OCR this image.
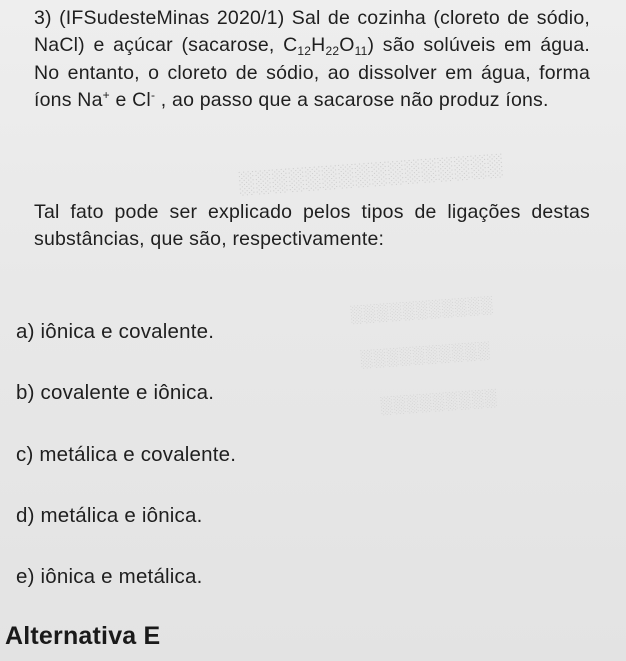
░░░░░░░░░░░░░░░░
░░░░░░░░░░░
░░░░░░░░░░
░░░░░░░░░
3) (IFSudesteMinas 2020/1) Sal de cozinha (cloreto de sódio, NaCl) e açúcar (sacarose, $C_{12}H_{22}O_{11}$) são solúveis em água. No entanto, o cloreto de sódio, ao dissolver em água, forma íons Na+ e Cl- , ao passo que a sacarose não produz íons.
Tal fato pode ser explicado pelos tipos de ligações destas substâncias, que são, respectivamente:
a) iônica e covalente.
b) covalente e iônica.
c) metálica e covalente.
d) metálica e iônica.
e) iônica e metálica.
Alternativa E
